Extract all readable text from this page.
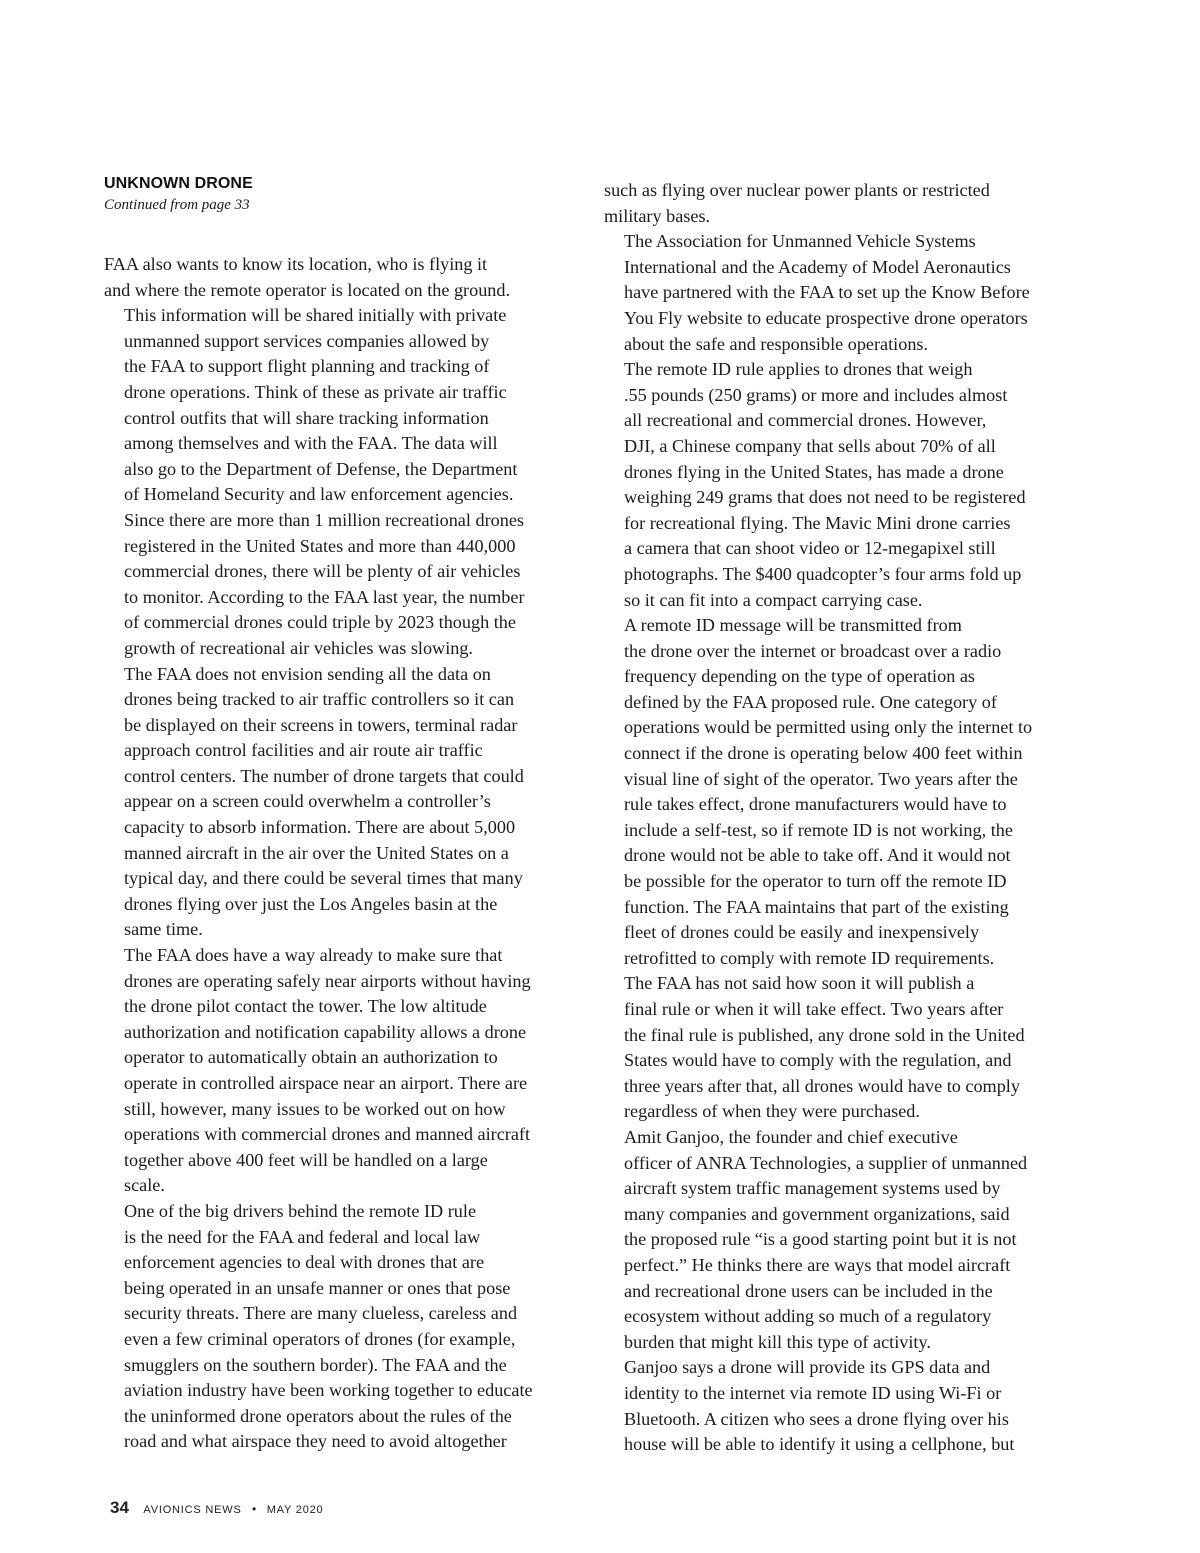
UNKNOWN DRONE
Continued from page 33

FAA also wants to know its location, who is flying it
and where the remote operator is located on the ground.

This information will be shared initially with private
unmanned support services companies allowed by
the FAA to support flight planning and tracking of
drone operations. Think of these as private air traffic
control outfits that will share tracking information
among themselves and with the FAA. The data will
also go to the Department of Defense, the Department
of Homeland Security and law enforcement agencies.
Since there are more than 1 million recreational drones
registered in the United States and more than 440,000
commercial drones, there will be plenty of air vehicles
to monitor. According to the FAA last year, the number
of commercial drones could triple by 2023 though the
growth of recreational air vehicles was slowing.

The FAA does not envision sending all the data on
drones being tracked to air traffic controllers so it can
be displayed on their screens in towers, terminal radar
approach control facilities and air route air traffic
control centers. The number of drone targets that could
appear on a screen could overwhelm a controller’s
capacity to absorb information. There are about 5,000
manned aircraft in the air over the United States on a
typical day, and there could be several times that many
drones flying over just the Los Angeles basin at the
same time.

The FAA does have a way already to make sure that
drones are operating safely near airports without having
the drone pilot contact the tower. The low altitude
authorization and notification capability allows a drone
operator to automatically obtain an authorization to
operate in controlled airspace near an airport. There are
still, however, many issues to be worked out on how
operations with commercial drones and manned aircraft
together above 400 feet will be handled on a large
scale.

One of the big drivers behind the remote ID rule
is the need for the FAA and federal and local law
enforcement agencies to deal with drones that are
being operated in an unsafe manner or ones that pose
security threats. There are many clueless, careless and
even a few criminal operators of drones (for example,
smugglers on the southern border). The FAA and the
aviation industry have been working together to educate
the uninformed drone operators about the rules of the
road and what airspace they need to avoid altogether

such as flying over nuclear power plants or restricted
military bases.

The Association for Unmanned Vehicle Systems
International and the Academy of Model Aeronautics
have partnered with the FAA to set up the Know Before
You Fly website to educate prospective drone operators
about the safe and responsible operations.

The remote ID rule applies to drones that weigh
.55 pounds (250 grams) or more and includes almost
all recreational and commercial drones. However,
DJI, a Chinese company that sells about 70% of all
drones flying in the United States, has made a drone
weighing 249 grams that does not need to be registered
for recreational flying. The Mavic Mini drone carries
a camera that can shoot video or 12-megapixel still
photographs. The $400 quadcopter’s four arms fold up
so it can fit into a compact carrying case.

A remote ID message will be transmitted from
the drone over the internet or broadcast over a radio
frequency depending on the type of operation as
defined by the FAA proposed rule. One category of
operations would be permitted using only the internet to
connect if the drone is operating below 400 feet within
visual line of sight of the operator. Two years after the
rule takes effect, drone manufacturers would have to
include a self-test, so if remote ID is not working, the
drone would not be able to take off. And it would not
be possible for the operator to turn off the remote ID
function. The FAA maintains that part of the existing
fleet of drones could be easily and inexpensively
retrofitted to comply with remote ID requirements.

The FAA has not said how soon it will publish a
final rule or when it will take effect. Two years after
the final rule is published, any drone sold in the United
States would have to comply with the regulation, and
three years after that, all drones would have to comply
regardless of when they were purchased.

Amit Ganjoo, the founder and chief executive
officer of ANRA Technologies, a supplier of unmanned
aircraft system traffic management systems used by
many companies and government organizations, said
the proposed rule “is a good starting point but it is not
perfect.” He thinks there are ways that model aircraft
and recreational drone users can be included in the
ecosystem without adding so much of a regulatory
burden that might kill this type of activity.

Ganjoo says a drone will provide its GPS data and
identity to the internet via remote ID using Wi-Fi or
Bluetooth. A citizen who sees a drone flying over his
house will be able to identify it using a cellphone, but

34 AVIONICS NEWS • MAY 2020
